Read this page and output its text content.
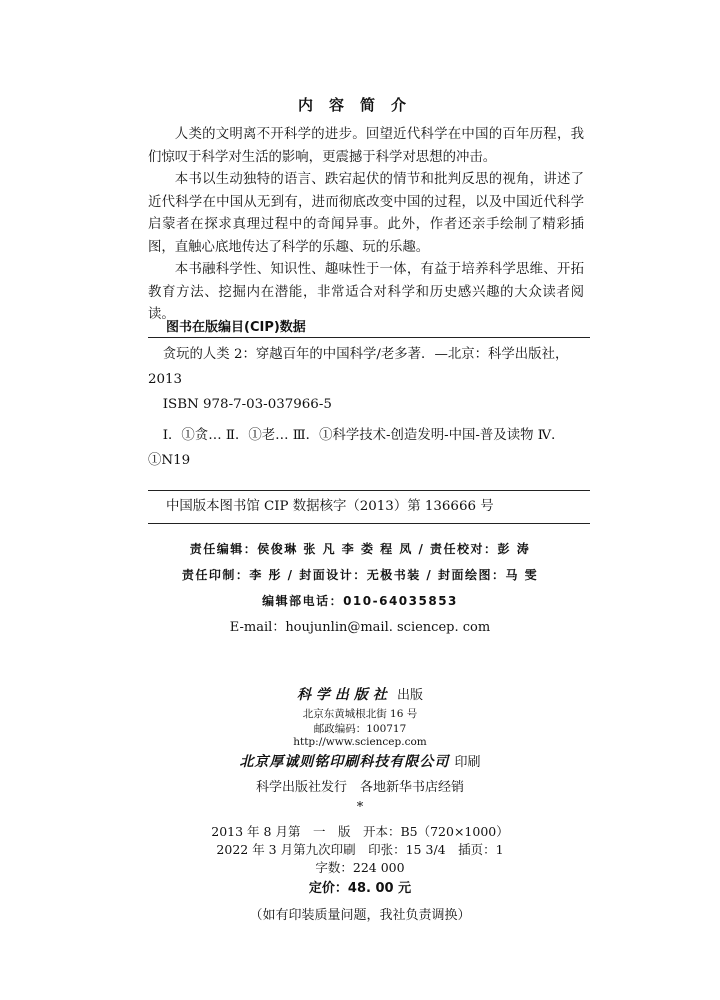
内容简介

人类的文明离不开科学的进步。回望近代科学在中国的百年历程，我们惊叹于科学对生活的影响，更震撼于科学对思想的冲击。

本书以生动独特的语言、跌宕起伏的情节和批判反思的视角，讲述了近代科学在中国从无到有，进而彻底改变中国的过程，以及中国近代科学启蒙者在探求真理过程中的奇闻异事。此外，作者还亲手绘制了精彩插图，直触心底地传达了科学的乐趣、玩的乐趣。

本书融科学性、知识性、趣味性于一体，有益于培养科学思维、开拓教育方法、挖掘内在潜能，非常适合对科学和历史感兴趣的大众读者阅读。

图书在版编目(CIP)数据

贪玩的人类 2：穿越百年的中国科学/老多著．—北京：科学出版社，2013

ISBN 978-7-03-037966-5

Ⅰ．①贪… Ⅱ．①老… Ⅲ．①科学技术-创造发明-中国-普及读物 Ⅳ．①N19

中国版本图书馆 CIP 数据核字（2013）第 136666 号
责任编辑：侯俊琳 张 凡 李 娄 程 凤 / 责任校对：彭 涛
责任印制：李 彤 / 封面设计：无极书装 / 封面绘图：马 雯
编辑部电话：010-64035853
E-mail：houjunlin@mail. sciencep. com
科学出版社 出版
北京东黄城根北街 16 号
邮政编码：100717
http://www.sciencep.com
北京厚诚则铭印刷科技有限公司 印刷
科学出版社发行　各地新华书店经销
*
2013 年 8 月第　一　版　开本：B5（720×1000）
2022 年 3 月第九次印刷　印张：15 3/4　插页：1
字数：224 000
定价：48. 00 元
（如有印装质量问题，我社负责调换）
